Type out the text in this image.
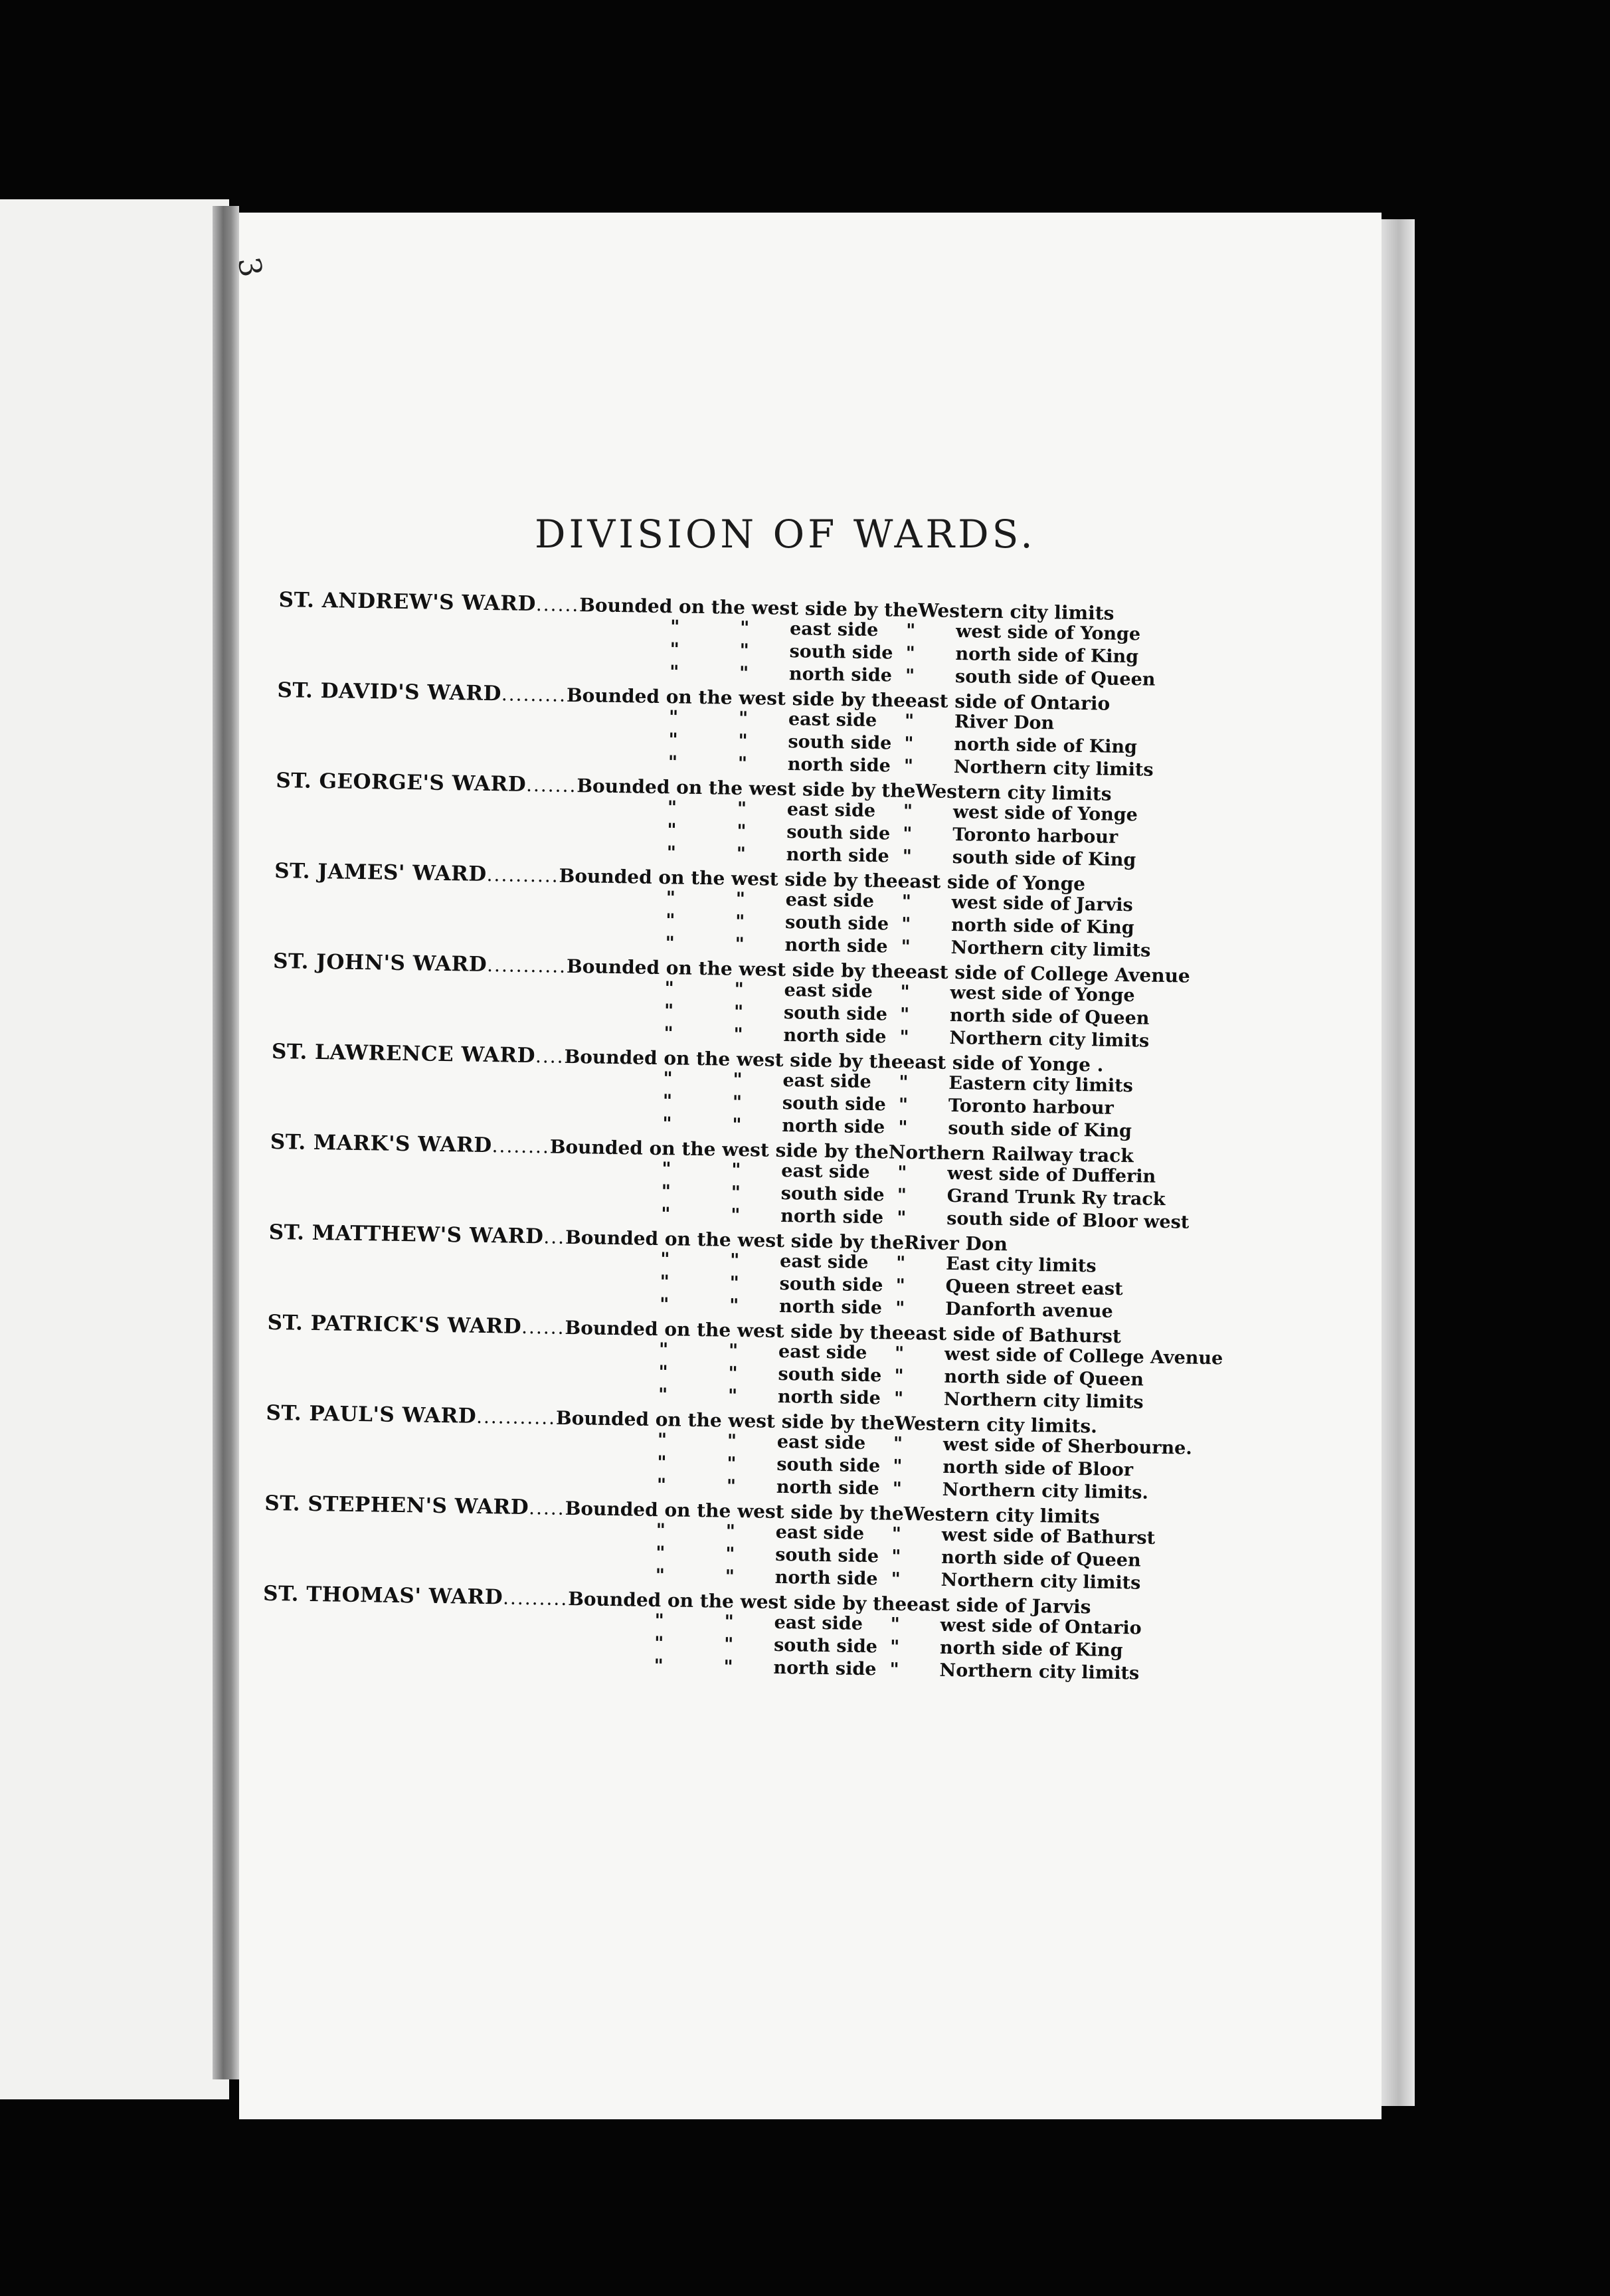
3
DIVISION OF WARDS.
ST. ANDREW'S WARD ...... Bounded on the west side by the Western city limits
"	" east side " west side of Yonge
"	" south side " north side of King
"	" north side " south side of Queen
ST. DAVID'S WARD ......... Bounded on the west side by the east side of Ontario
"	" east side " River Don
"	" south side " north side of King
"	" north side " Northern city limits
ST. GEORGE'S WARD ....... Bounded on the west side by the Western city limits
"	" east side " west side of Yonge
"	" south side " Toronto harbour
"	" north side " south side of King
ST. JAMES' WARD .......... Bounded on the west side by the east side of Yonge
"	" east side " west side of Jarvis
"	" south side " north side of King
"	" north side " Northern city limits
ST. JOHN'S WARD ........... Bounded on the west side by the east side of College Avenue
"	" east side " west side of Yonge
"	" south side " north side of Queen
"	" north side " Northern city limits
ST. LAWRENCE WARD .... Bounded on the west side by the east side of Yonge .
"	" east side " Eastern city limits
"	" south side " Toronto harbour
"	" north side " south side of King
ST. MARK'S WARD ........ Bounded on the west side by the Northern Railway track
"	" east side " west side of Dufferin
"	" south side " Grand Trunk Ry track
"	" north side " south side of Bloor west
ST. MATTHEW'S WARD ... Bounded on the west side by the River Don
"	" east side " East city limits
"	" south side " Queen street east
"	" north side " Danforth avenue
ST. PATRICK'S WARD ...... Bounded on the west side by the east side of Bathurst
"	" east side " west side of College Avenue
"	" south side " north side of Queen
"	" north side " Northern city limits
ST. PAUL'S WARD ........... Bounded on the west side by the Western city limits.
"	" east side " west side of Sherbourne.
"	" south side " north side of Bloor
"	" north side " Northern city limits.
ST. STEPHEN'S WARD ..... Bounded on the west side by the Western city limits
"	" east side " west side of Bathurst
"	" south side " north side of Queen
"	" north side " Northern city limits
ST. THOMAS' WARD ......... Bounded on the west side by the east side of Jarvis
"	" east side " west side of Ontario
"	" south side " north side of King
"	" north side " Northern city limits
